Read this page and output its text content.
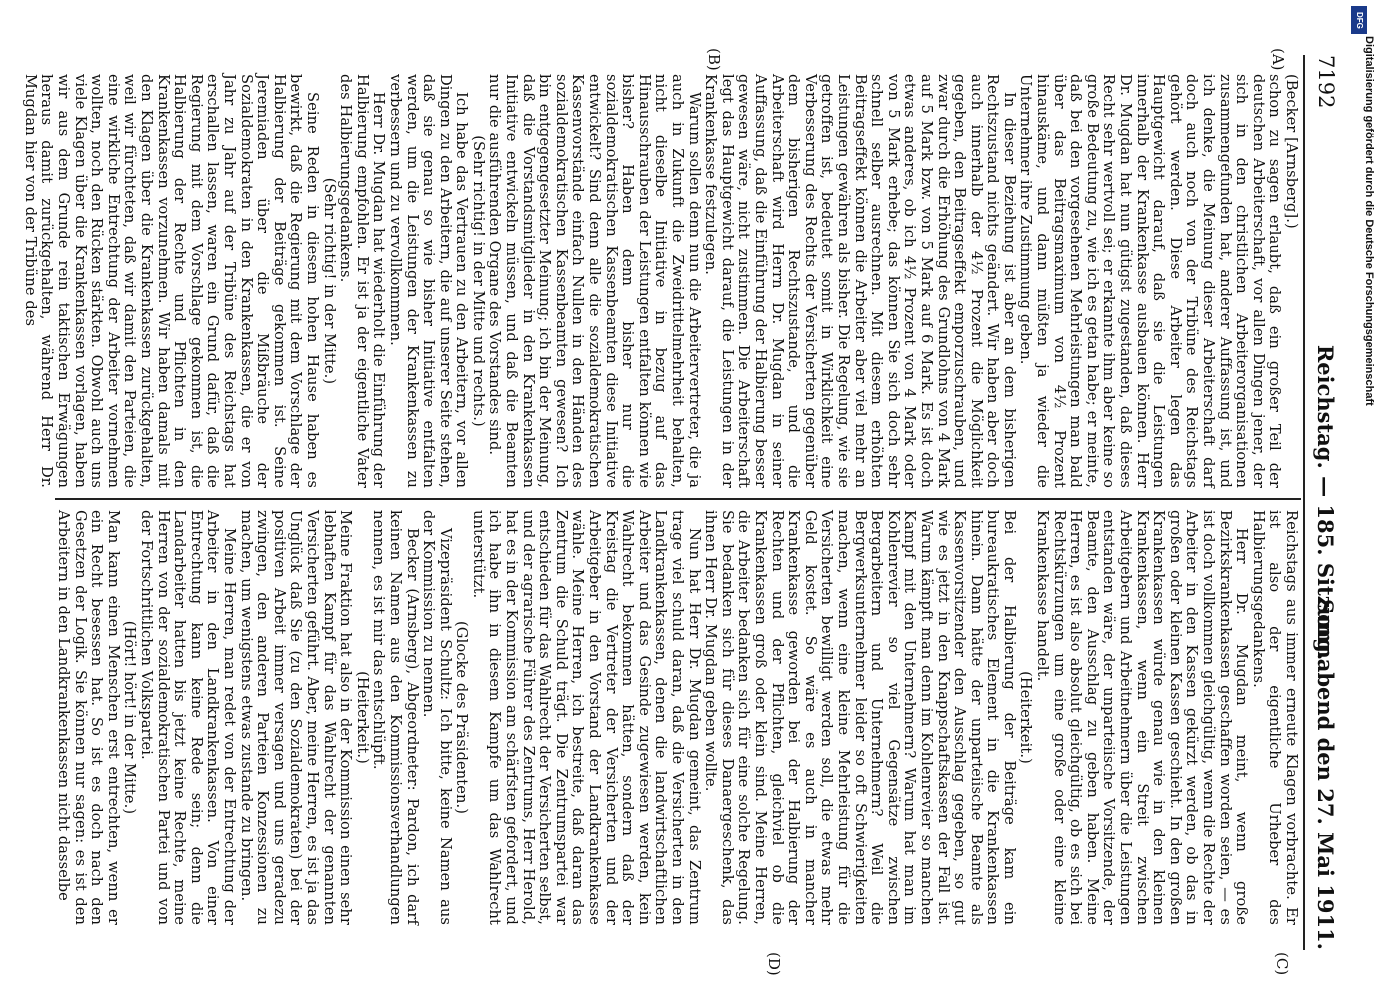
7192
Reichstag. — 185. Sitzung.
Sonnabend den 27. Mai 1911.
(A)
(B)
(C)
(D)

(Becker [Arnsberg].)

schon zu sagen erlaubt, daß ein großer Teil der deutschen Arbeiterschaft, vor allen Dingen jener, der sich in den christlichen Arbeiterorganisationen zusammengefunden hat, anderer Auffassung ist, und ich denke, die Meinung dieser Arbeiterschaft darf doch auch noch von der Tribüne des Reichstags gehört werden. Diese Arbeiter legen das Hauptgewicht darauf, daß sie die Leistungen innerhalb der Krankenkasse ausbauen können. Herr Dr. Mugdan hat nun gütigst zugestanden, daß dieses Recht sehr wertvoll sei; er erkannte ihm aber keine so große Bedeutung zu, wie ich es getan habe; er meinte, daß bei den vorgesehenen Mehrleistungen man bald über das Beitragsmaximum von 4½ Prozent hinauskäme, und dann müßten ja wieder die Unternehmer ihre Zustimmung geben.

In dieser Beziehung ist aber an dem bisherigen Rechtszustand nichts geändert. Wir haben aber doch auch innerhalb der 4½ Prozent die Möglichkeit gegeben, den Beitragseffekt emporzuschrauben, und zwar durch die Erhöhung des Grundlohns von 4 Mark auf 5 Mark bzw. von 5 Mark auf 6 Mark. Es ist doch etwas anderes, ob ich 4½ Prozent von 4 Mark oder von 5 Mark erhebe; das können Sie sich doch sehr schnell selber ausrechnen. Mit diesem erhöhten Beitragseffekt können die Arbeiter aber viel mehr an Leistungen gewähren als bisher. Die Regelung, wie sie getroffen ist, bedeutet somit in Wirklichkeit eine Verbesserung des Rechts der Versicherten gegenüber dem bisherigen Rechtszustande, und die Arbeiterschaft wird Herrn Dr. Mugdan in seiner Auffassung, daß die Einführung der Halbierung besser gewesen wäre, nicht zustimmen. Die Arbeiterschaft legt das Hauptgewicht darauf, die Leistungen in der Krankenkasse festzulegen.

Warum sollen denn nun die Arbeitervertreter, die ja auch in Zukunft die Zweidrittelmehrheit behalten, nicht dieselbe Initiative in bezug auf das Hinausschrauben der Leistungen entfalten können wie bisher? Haben denn bisher nur die sozialdemokratischen Kassenbeamten diese Initiative entwickelt? Sind denn alle die sozialdemokratischen Kassenvorstände einfach Nullen in den Händen des sozialdemokratischen Kassenbeamten gewesen? Ich bin entgegengesetzter Meinung; ich bin der Meinung, daß die Vorstandsmitglieder in den Krankenkassen Initiative entwickeln müssen, und daß die Beamten nur die ausführenden Organe des Vorstandes sind.

(Sehr richtig! in der Mitte und rechts.)

Ich habe das Vertrauen zu den Arbeitern, vor allen Dingen zu den Arbeitern, die auf unserer Seite stehen, daß sie genau so wie bisher Initiative entfalten werden, um die Leistungen der Krankenkassen zu verbessern und zu vervollkommnen.

Herr Dr. Mugdan hat wiederholt die Einführung der Halbierung empfohlen. Er ist ja der eigentliche Vater des Halbierungsgedankens.

(Sehr richtig! in der Mitte.)

Seine Reden in diesem hohen Hause haben es bewirkt, daß die Regierung mit dem Vorschlage der Halbierung der Beiträge gekommen ist. Seine Jeremiaden über die Mißbräuche der Sozialdemokraten in den Krankenkassen, die er von Jahr zu Jahr auf der Tribüne des Reichstags hat erschallen lassen, waren ein Grund dafür, daß die Regierung mit dem Vorschlage gekommen ist, die Halbierung der Rechte und Pflichten in den Krankenkassen vorzunehmen. Wir haben damals mit den Klagen über die Krankenkassen zurückgehalten, weil wir fürchteten, daß wir damit den Parteien, die eine wirkliche Entrechtung der Arbeiter vornehmen wollten, noch den Rücken stärkten. Obwohl auch uns viele Klagen über die Krankenkassen vorlagen, haben wir aus dem Grunde rein taktischen Erwägungen heraus damit zurückgehalten, während Herr Dr. Mugdan hier von der Tribüne des

Reichstags aus immer erneute Klagen vorbrachte. Er ist also der eigentliche Urheber des Halbierungsgedankens.

Herr Dr. Mugdan meint, wenn große Bezirkskrankenkassen geschaffen worden seien, — es ist doch vollkommen gleichgültig, wenn die Rechte der Arbeiter in den Kassen gekürzt werden, ob das in großen oder kleinen Kassen geschieht. In den großen Krankenkassen würde genau wie in den kleinen Krankenkassen, wenn ein Streit zwischen Arbeitgebern und Arbeitnehmern über die Leistungen entstanden wäre, der unparteiische Vorsitzende, der Beamte, den Ausschlag zu geben haben. Meine Herren, es ist also absolut gleichgültig, ob es sich bei Rechtskürzungen um eine große oder eine kleine Krankenkasse handelt.

(Heiterkeit.)

Bei der Halbierung der Beiträge kam ein bureaukratisches Element in die Krankenkassen hinein. Dann hätte der unparteiische Beamte als Kassenvorsitzender den Ausschlag gegeben, so gut wie es jetzt in den Knappschaftskassen der Fall ist. Warum kämpft man denn im Kohlenrevier so manchen Kampf mit den Unternehmern? Warum hat man im Kohlenrevier so viel Gegensätze zwischen Bergarbeitern und Unternehmern? Weil die Bergwerksunternehmer leider so oft Schwierigkeiten machen, wenn eine kleine Mehrleistung für die Versicherten bewilligt werden soll, die etwas mehr Geld kostet. So wäre es auch in mancher Krankenkasse geworden bei der Halbierung der Rechten und der Pflichten, gleichviel ob die Krankenkassen groß oder klein sind. Meine Herren, die Arbeiter bedanken sich für eine solche Regelung. Sie bedanken sich für dieses Danaergeschenk, das ihnen Herr Dr. Mugdan geben wollte.

Nun hat Herr Dr. Mugdan gemeint, das Zentrum trage viel schuld daran, daß die Versicherten in den Landkrankenkassen, denen die landwirtschaftlichen Arbeiter und das Gesinde zugewiesen werden, kein Wahlrecht bekommen hätten, sondern daß der Kreistag die Vertreter der Versicherten und der Arbeitgeber in den Vorstand der Landkrankenkasse wähle. Meine Herren, ich bestreite, daß daran das Zentrum die Schuld trägt. Die Zentrumspartei war entschieden für das Wahlrecht der Versicherten selbst, und der agrarische Führer des Zentrums, Herr Herold, hat es in der Kommission am schärfsten gefordert, und ich habe ihn in diesem Kampfe um das Wahlrecht unterstützt.

(Glocke des Präsidenten.)

Vizepräsident Schultz: Ich bitte, keine Namen aus der Kommission zu nennen.

Becker (Arnsberg), Abgeordneter: Pardon, ich darf keinen Namen aus den Kommissionsverhandlungen nennen, es ist mir das entschlüpft.

(Heiterkeit.)

Meine Fraktion hat also in der Kommission einen sehr lebhaften Kampf für das Wahlrecht der genannten Versicherten geführt. Aber, meine Herren, es ist ja das Unglück daß Sie (zu den Sozialdemokraten) bei der positiven Arbeit immer versagen und uns geradezu zwingen, den anderen Parteien Konzessionen zu machen, um wenigstens etwas zustande zu bringen.

Meine Herren, man redet von der Entrechtung der Arbeiter in den Landkrankenkassen. Von einer Entrechtung kann keine Rede sein; denn die Landarbeiter hatten bis jetzt keine Rechte, meine Herren von der sozialdemokratischen Partei und von der Fortschrittlichen Volkspartei.

(Hört! hört! in der Mitte.)

Man kann einen Menschen erst entrechten, wenn er ein Recht besessen hat. So ist es doch nach den Gesetzen der Logik. Sie können nur sagen: es ist den Arbeitern in den Landkrankenkassen nicht dasselbe

Digitalisierung gefördert durch die Deutsche Forschungsgemeinschaft
DFG
